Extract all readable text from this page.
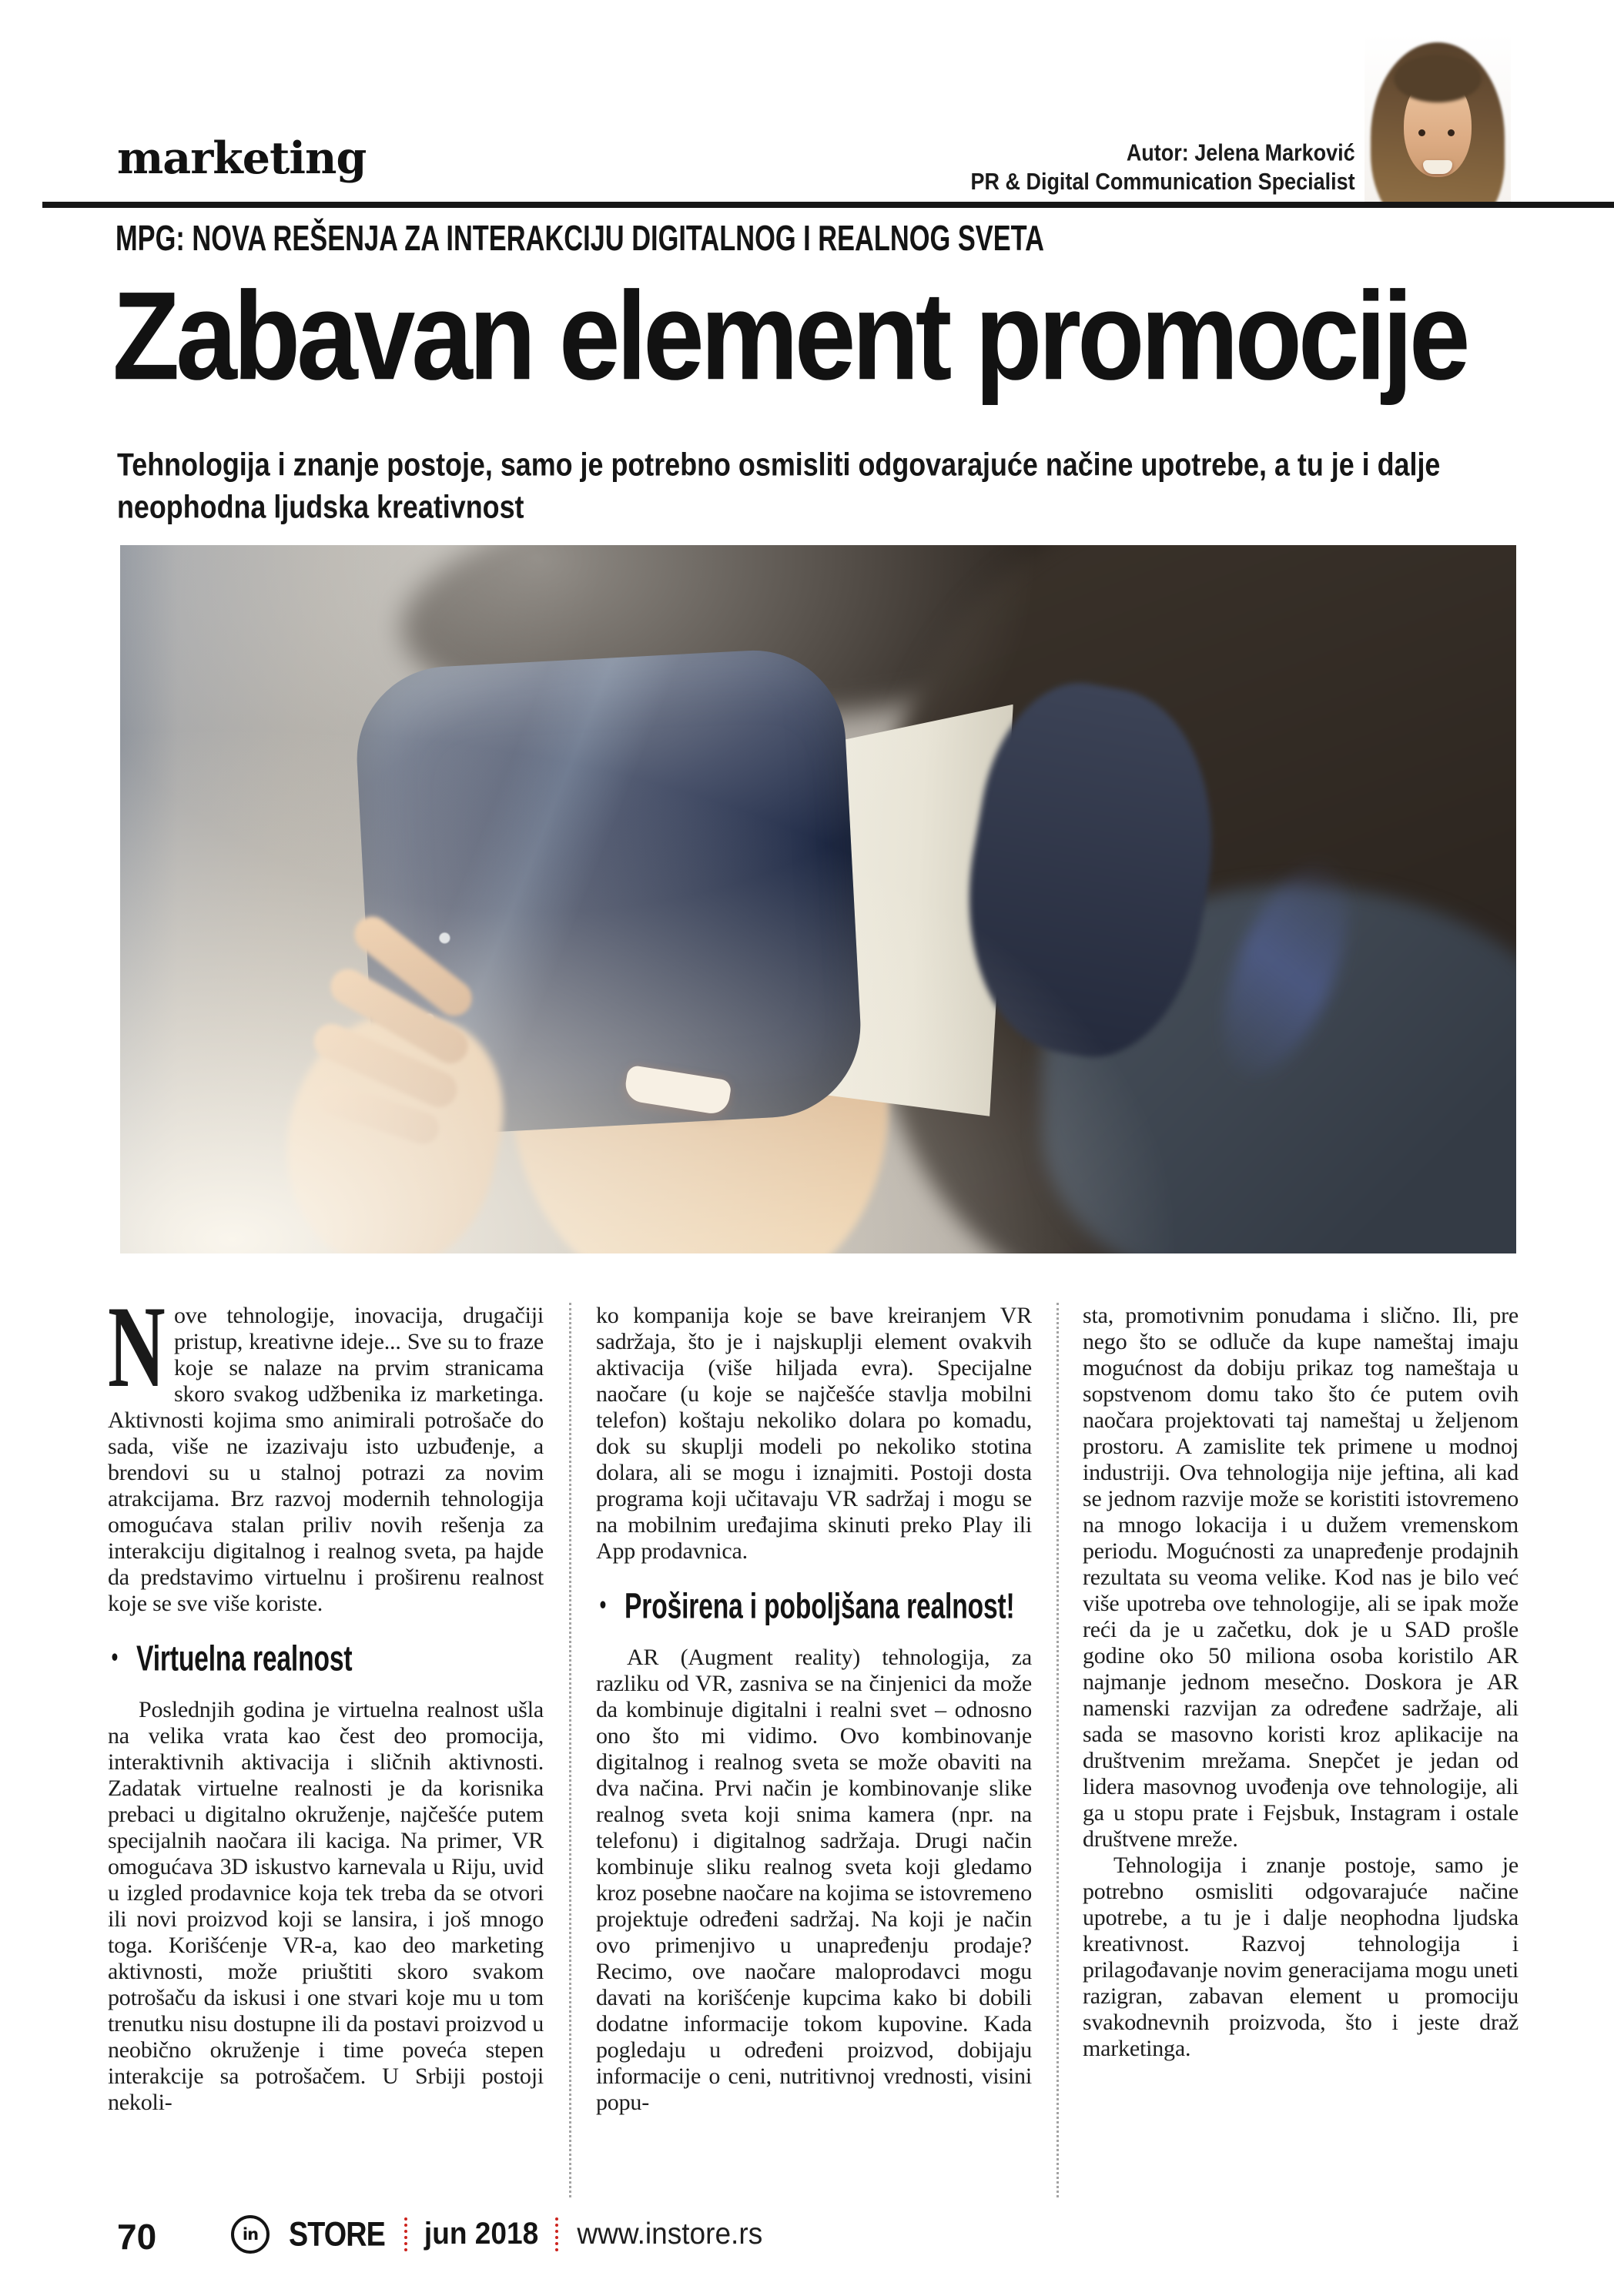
marketing	Autor: Jelena Marković
PR & Digital Communication Specialist
MPG: NOVA REŠENJA ZA INTERAKCIJU DIGITALNOG I REALNOG SVETA
Zabavan element promocije
Tehnologija i znanje postoje, samo je potrebno osmisliti odgovarajuće načine upotrebe, a tu je i dalje neophodna ljudska kreativnost

Nove tehnologije, inovacija, drugačiji pristup, kreativne ideje... Sve su to fraze koje se nalaze na prvim stranicama skoro svakog udžbenika iz marketinga. Aktivnosti kojima smo animirali potrošače do sada, više ne izazivaju isto uzbuđenje, a brendovi su u stalnoj potrazi za novim atrakcijama. Brz razvoj modernih tehnologija omogućava stalan priliv novih rešenja za interakciju digitalnog i realnog sveta, pa hajde da predstavimo virtuelnu i proširenu realnost koje se sve više koriste.

• Virtuelna realnost

Poslednjih godina je virtuelna realnost ušla na velika vrata kao čest deo promocija, interaktivnih aktivacija i sličnih aktivnosti. Zadatak virtuelne realnosti je da korisnika prebaci u digitalno okruženje, najčešće putem specijalnih naočara ili kaciga. Na primer, VR omogućava 3D iskustvo karnevala u Riju, uvid u izgled prodavnice koja tek treba da se otvori ili novi proizvod koji se lansira, i još mnogo toga. Korišćenje VR-a, kao deo marketing aktivnosti, može priuštiti skoro svakom potrošaču da iskusi i one stvari koje mu u tom trenutku nisu dostupne ili da postavi proizvod u neobično okruženje i time poveća stepen interakcije sa potrošačem. U Srbiji postoji nekoli-

ko kompanija koje se bave kreiranjem VR sadržaja, što je i najskuplji element ovakvih aktivacija (više hiljada evra). Specijalne naočare (u koje se najčešće stavlja mobilni telefon) koštaju nekoliko dolara po komadu, dok su skuplji modeli po nekoliko stotina dolara, ali se mogu i iznajmiti. Postoji dosta programa koji učitavaju VR sadržaj i mogu se na mobilnim uređajima skinuti preko Play ili App prodavnica.

• Proširena i poboljšana realnost!

AR (Augment reality) tehnologija, za razliku od VR, zasniva se na činjenici da može da kombinuje digitalni i realni svet – odnosno ono što mi vidimo. Ovo kombinovanje digitalnog i realnog sveta se može obaviti na dva načina. Prvi način je kombinovanje slike realnog sveta koji snima kamera (npr. na telefonu) i digitalnog sadržaja. Drugi način kombinuje sliku realnog sveta koji gledamo kroz posebne naočare na kojima se istovremeno projektuje određeni sadržaj. Na koji je način ovo primenjivo u unapređenju prodaje? Recimo, ove naočare maloprodavci mogu davati na korišćenje kupcima kako bi dobili dodatne informacije tokom kupovine. Kada pogledaju u određeni proizvod, dobijaju informacije o ceni, nutritivnoj vrednosti, visini popu-

sta, promotivnim ponudama i slično. Ili, pre nego što se odluče da kupe nameštaj imaju mogućnost da dobiju prikaz tog nameštaja u sopstvenom domu tako što će putem ovih naočara projektovati taj nameštaj u željenom prostoru. A zamislite tek primene u modnoj industriji. Ova tehnologija nije jeftina, ali kad se jednom razvije može se koristiti istovremeno na mnogo lokacija i u dužem vremenskom periodu. Mogućnosti za unapređenje prodajnih rezultata su veoma velike. Kod nas je bilo već više upotreba ove tehnologije, ali se ipak može reći da je u začetku, dok je u SAD prošle godine oko 50 miliona osoba koristilo AR najmanje jednom mesečno. Doskora je AR namenski razvijan za određene sadržaje, ali sada se masovno koristi kroz aplikacije na društvenim mrežama. Snepčet je jedan od lidera masovnog uvođenja ove tehnologije, ali ga u stopu prate i Fejsbuk, Instagram i ostale društvene mreže.

Tehnologija i znanje postoje, samo je potrebno osmisliti odgovarajuće načine upotrebe, a tu je i dalje neophodna ljudska kreativnost. Razvoj tehnologija i prilagođavanje novim generacijama mogu uneti razigran, zabavan element u promociju svakodnevnih proizvoda, što i jeste draž marketinga.

70	in STORE jun 2018 www.instore.rs
